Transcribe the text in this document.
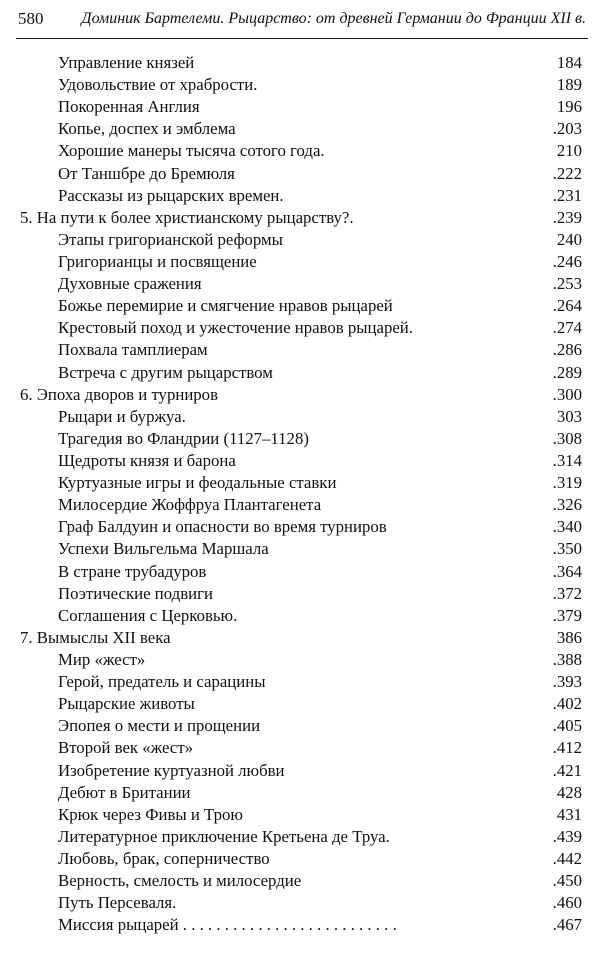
580 Доминик Бартелеми. Рыцарство: от древней Германии до Франции XII в.
Управление князей	184
Удовольствие от храбрости.	189
Покоренная Англия	196
Копье, доспех и эмблема	.203
Хорошие манеры тысяча сотого года.	210
От Таншбре до Бремюля	.222
Рассказы из рыцарских времен.	.231
5. На пути к более христианскому рыцарству?.	.239
Этапы григорианской реформы	240
Григорианцы и посвящение	.246
Духовные сражения	.253
Божье перемирие и смягчение нравов рыцарей	.264
Крестовый поход и ужесточение нравов рыцарей.	.274
Похвала тамплиерам	.286
Встреча с другим рыцарством	.289
6. Эпоха дворов и турниров	.300
Рыцари и буржуа.	303
Трагедия во Фландрии (1127–1128)	.308
Щедроты князя и барона	.314
Куртуазные игры и феодальные ставки	.319
Милосердие Жоффруа Плантагенета	.326
Граф Балдуин и опасности во время турниров	.340
Успехи Вильгельма Маршала	.350
В стране трубадуров	.364
Поэтические подвиги	.372
Соглашения с Церковью.	.379
7. Вымыслы XII века	386
Мир «жест»	.388
Герой, предатель и сарацины	.393
Рыцарские животы	.402
Эпопея о мести и прощении	.405
Второй век «жест»	.412
Изобретение куртуазной любви	.421
Дебют в Британии	428
Крюк через Фивы и Трою	431
Литературное приключение Кретьена де Труа.	.439
Любовь, брак, соперничество	.442
Верность, смелость и милосердие	.450
Путь Персеваля.	.460
Миссия рыцарей . . . . . . . . . . . . . . . . . . . . . . . . . .	.467
